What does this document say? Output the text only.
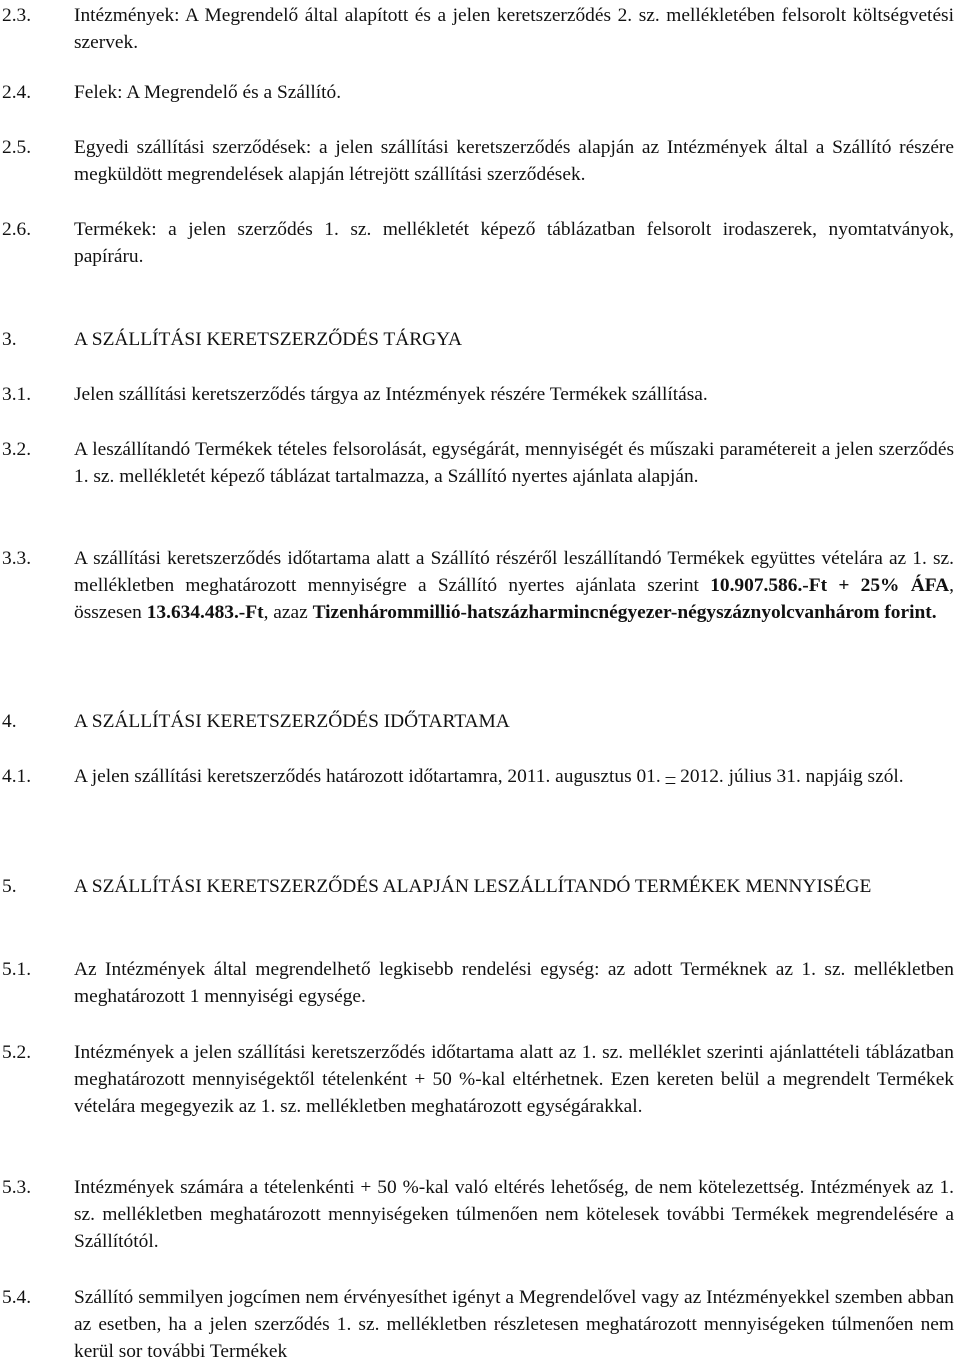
2.3.	Intézmények: A Megrendelő által alapított és a jelen keretszerződés 2. sz. mellékletében felsorolt költségvetési szervek.
2.4.	Felek: A Megrendelő és a Szállító.
2.5.	Egyedi szállítási szerződések: a jelen szállítási keretszerződés alapján az Intézmények által a Szállító részére megküldött megrendelések alapján létrejött szállítási szerződések.
2.6.	Termékek: a jelen szerződés 1. sz. mellékletét képező táblázatban felsorolt irodaszerek, nyomtatványok, papíráru.
3.	A SZÁLLÍTÁSI KERETSZERZŐDÉS TÁRGYA
3.1.	Jelen szállítási keretszerződés tárgya az Intézmények részére Termékek szállítása.
3.2.	A leszállítandó Termékek tételes felsorolását, egységárát, mennyiségét és műszaki paramétereit a jelen szerződés 1. sz. mellékletét képező táblázat tartalmazza, a Szállító nyertes ajánlata alapján.
3.3.	A szállítási keretszerződés időtartama alatt a Szállító részéről leszállítandó Termékek együttes vételára az 1. sz. mellékletben meghatározott mennyiségre a Szállító nyertes ajánlata szerint 10.907.586.-Ft + 25% ÁFA, összesen 13.634.483.-Ft, azaz Tizenhárommillió-hatszázharmincnégyezer-négyszáznyolcvanhárom forint.
4.	A SZÁLLÍTÁSI KERETSZERZŐDÉS IDŐTARTAMA
4.1.	A jelen szállítási keretszerződés határozott időtartamra, 2011. augusztus 01. – 2012. július 31. napjáig szól.
5.	A SZÁLLÍTÁSI KERETSZERZŐDÉS ALAPJÁN LESZÁLLÍTANDÓ TERMÉKEK MENNYISÉGE
5.1.	Az Intézmények által megrendelhető legkisebb rendelési egység: az adott Terméknek az 1. sz. mellékletben meghatározott 1 mennyiségi egysége.
5.2.	Intézmények a jelen szállítási keretszerződés időtartama alatt az 1. sz. melléklet szerinti ajánlattételi táblázatban meghatározott mennyiségektől tételenként + 50 %-kal eltérhetnek. Ezen kereten belül a megrendelt Termékek vételára megegyezik az 1. sz. mellékletben meghatározott egységárakkal.
5.3.	Intézmények számára a tételenkénti + 50 %-kal való eltérés lehetőség, de nem kötelezettség. Intézmények az 1. sz. mellékletben meghatározott mennyiségeken túlmenően nem kötelesek további Termékek megrendelésére a Szállítótól.
5.4.	Szállító semmilyen jogcímen nem érvényesíthet igényt a Megrendelővel vagy az Intézményekkel szemben abban az esetben, ha a jelen szerződés 1. sz. mellékletben részletesen meghatározott mennyiségeken túlmenően nem kerül sor további Termékek
